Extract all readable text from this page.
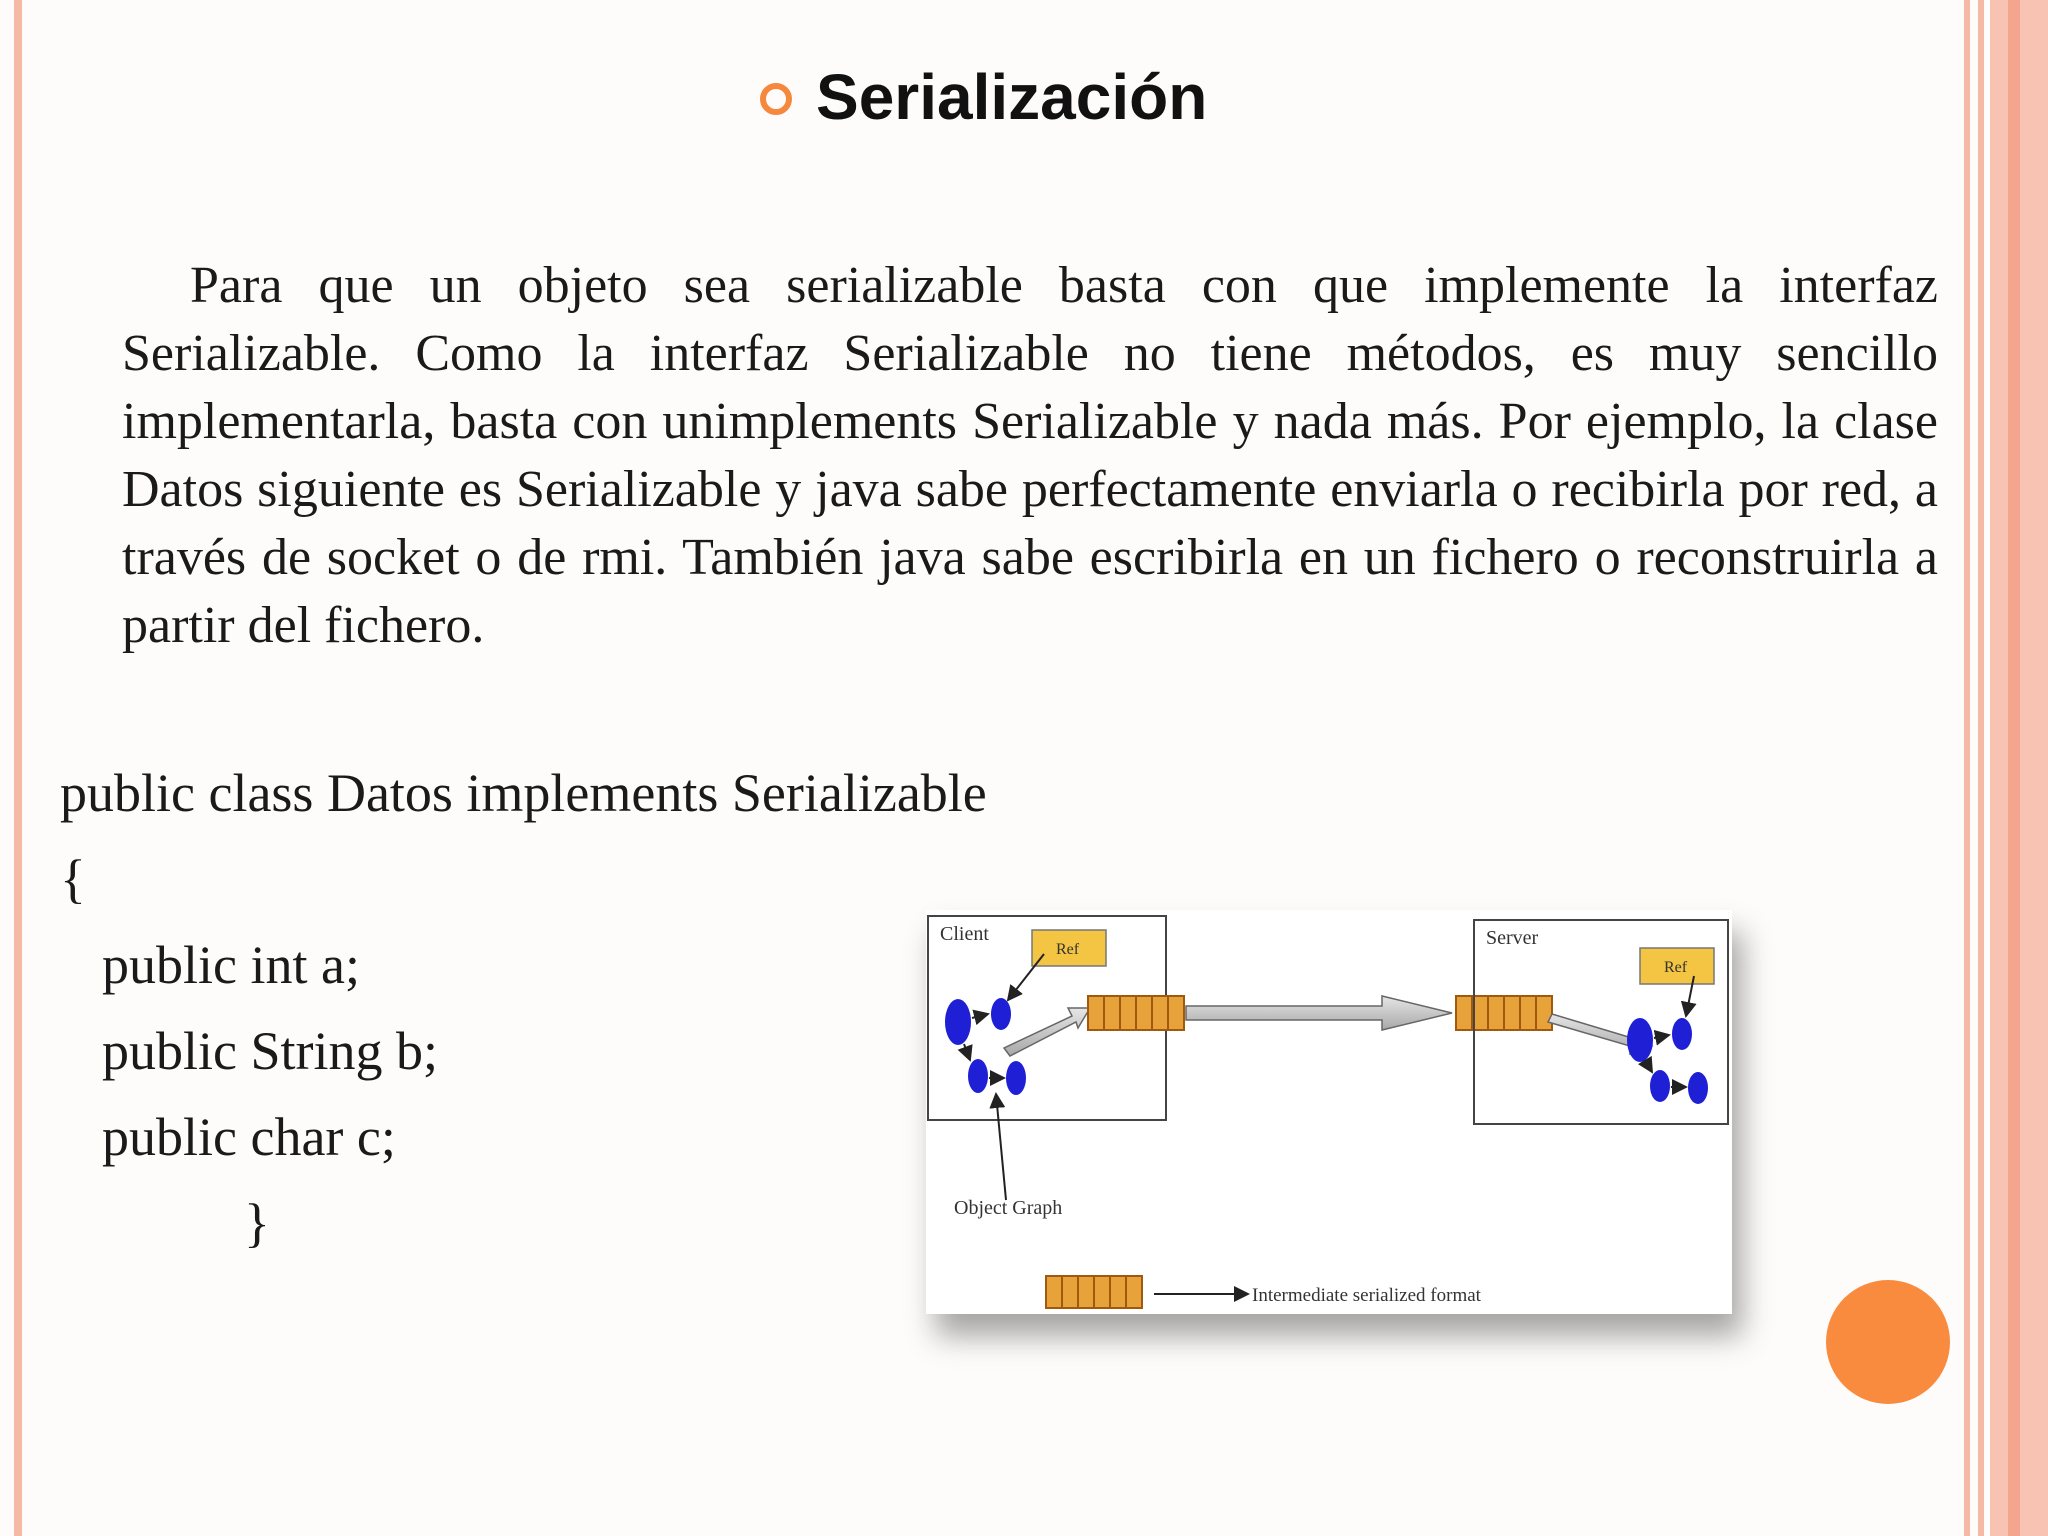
Serialización
Para que un objeto sea serializable basta con que implemente la interfaz Serializable. Como la interfaz Serializable no tiene métodos, es muy sencillo implementarla, basta con unimplements Serializable y nada más. Por ejemplo, la clase Datos siguiente es Serializable y java sabe perfectamente enviarla o recibirla por red, a través de socket o de rmi. También java sabe escribirla en un fichero o reconstruirla a partir del fichero.
public class Datos implements Serializable
{
public int a;
public String b;
public char c;
}
Client
Ref
Server
Ref
Object Graph
Intermediate serialized format
